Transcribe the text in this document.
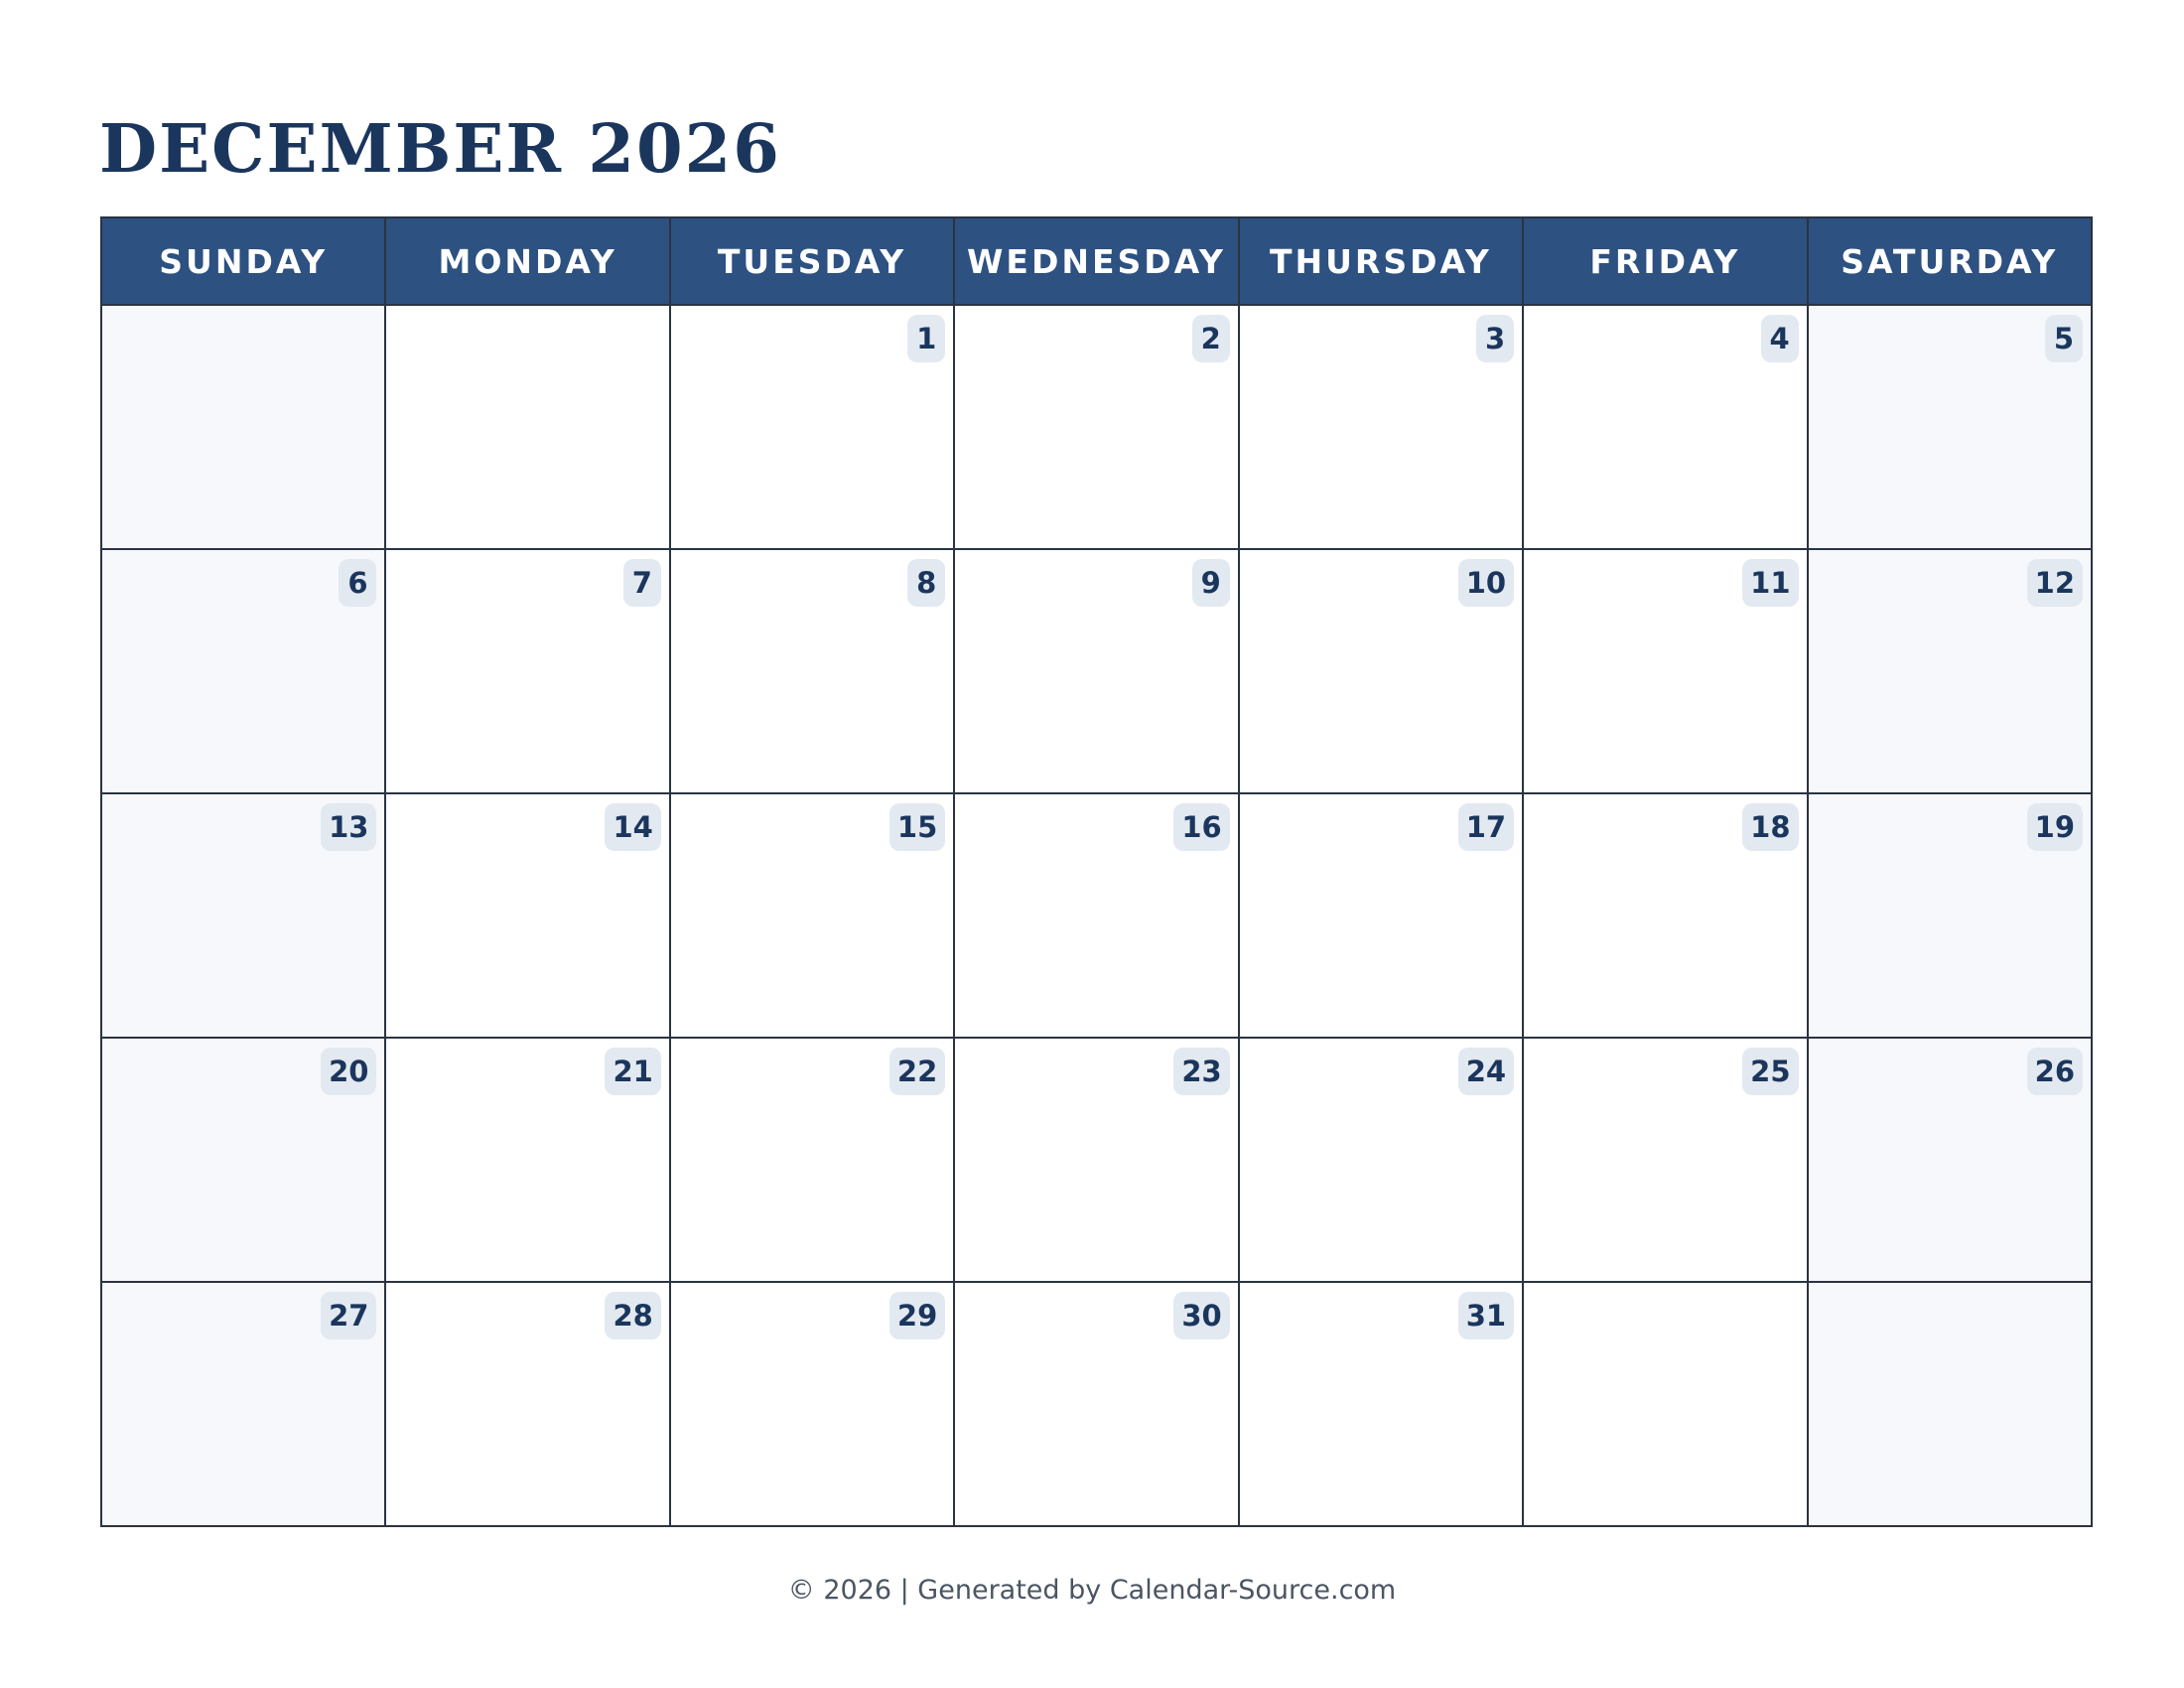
DECEMBER 2026
SUNDAY	MONDAY	TUESDAY	WEDNESDAY	THURSDAY	FRIDAY	SATURDAY
		1	2	3	4	5
6	7	8	9	10	11	12
13	14	15	16	17	18	19
20	21	22	23	24	25	26
27	28	29	30	31		
© 2026 | Generated by Calendar-Source.com
